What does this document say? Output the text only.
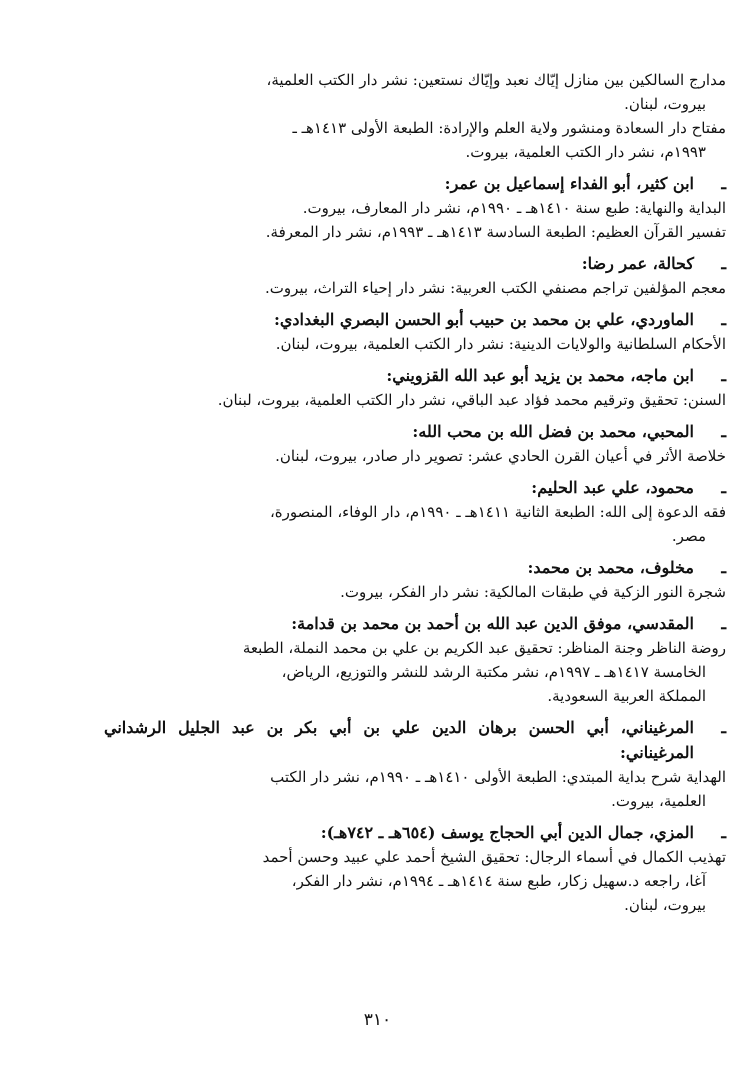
مدارج السالكين بين منازل إيّاك نعبد وإيّاك نستعين: نشر دار الكتب العلمية،

بيروت، لبنان.

مفتاح دار السعادة ومنشور ولاية العلم والإرادة: الطبعة الأولى ١٤١٣هـ ـ

١٩٩٣م، نشر دار الكتب العلمية، بيروت.

ـ
ابن كثير، أبو الفداء إسماعيل بن عمر:

البداية والنهاية: طبع سنة ١٤١٠هـ ـ ١٩٩٠م، نشر دار المعارف، بيروت.

تفسير القرآن العظيم: الطبعة السادسة ١٤١٣هـ ـ ١٩٩٣م، نشر دار المعرفة.

ـ
كحالة، عمر رضا:

معجم المؤلفين تراجم مصنفي الكتب العربية: نشر دار إحياء التراث، بيروت.

ـ
الماوردي، علي بن محمد بن حبيب أبو الحسن البصري البغدادي:

الأحكام السلطانية والولايات الدينية: نشر دار الكتب العلمية، بيروت، لبنان.

ـ
ابن ماجه، محمد بن يزيد أبو عبد الله القزويني:

السنن: تحقيق وترقيم محمد فؤاد عبد الباقي، نشر دار الكتب العلمية، بيروت، لبنان.

ـ
المحبي، محمد بن فضل الله بن محب الله:

خلاصة الأثر في أعيان القرن الحادي عشر: تصوير دار صادر، بيروت، لبنان.

ـ
محمود، علي عبد الحليم:

فقه الدعوة إلى الله: الطبعة الثانية ١٤١١هـ ـ ١٩٩٠م، دار الوفاء، المنصورة،

مصر.

ـ
مخلوف، محمد بن محمد:

شجرة النور الزكية في طبقات المالكية: نشر دار الفكر، بيروت.

ـ
المقدسي، موفق الدين عبد الله بن أحمد بن محمد بن قدامة:

روضة الناظر وجنة المناظر: تحقيق عبد الكريم بن علي بن محمد النملة، الطبعة

الخامسة ١٤١٧هـ ـ ١٩٩٧م، نشر مكتبة الرشد للنشر والتوزيع، الرياض،

المملكة العربية السعودية.

ـ
المرغيناني، أبي الحسن برهان الدين علي بن أبي بكر بن عبد الجليل الرشداني المرغيناني:

الهداية شرح بداية المبتدي: الطبعة الأولى ١٤١٠هـ ـ ١٩٩٠م، نشر دار الكتب

العلمية، بيروت.

ـ
المزي، جمال الدين أبي الحجاج يوسف (٦٥٤هـ ـ ٧٤٢هـ):

تهذيب الكمال في أسماء الرجال: تحقيق الشيخ أحمد علي عبيد وحسن أحمد

آغا، راجعه د.سهيل زكار، طبع سنة ١٤١٤هـ ـ ١٩٩٤م، نشر دار الفكر،

بيروت، لبنان.

٣١٠
